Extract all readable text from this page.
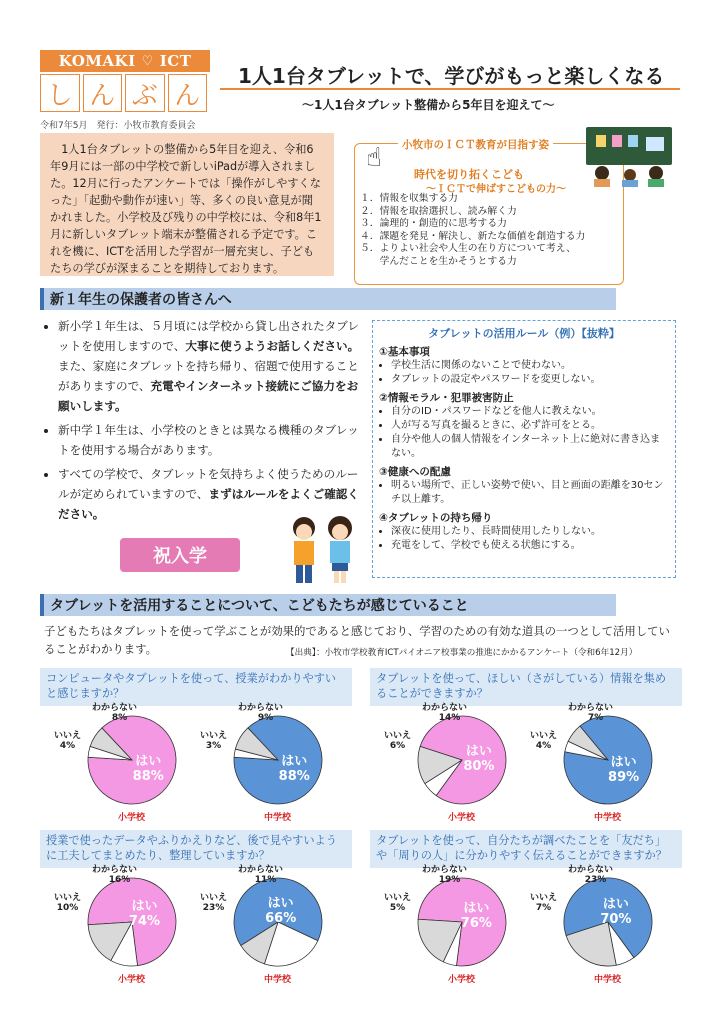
KOMAKI ♡ ICT
し ん ぶ ん
1人1台タブレットで、学びがもっと楽しくなる
〜1人1台タブレット整備から5年目を迎えて〜
令和7年5月　発行：小牧市教育委員会
　1人1台タブレットの整備から5年目を迎え、令和6年9月には一部の中学校で新しいiPadが導入されました。12月に行ったアンケートでは「操作がしやすくなった」「起動や動作が速い」等、多くの良い意見が聞かれました。小学校及び残りの中学校には、令和8年1月に新しいタブレット端末が整備される予定です。これを機に、ICTを活用した学習が一層充実し、子どもたちの学びが深まることを期待しております。
小牧市のＩＣＴ教育が目指す姿
☝
時代を切り拓くこども
〜ＩＣＴで伸ばすこどもの力〜
１．情報を収集する力
２．情報を取捨選択し、読み解く力
３．論理的・創造的に思考する力
４．課題を発見・解決し、新たな価値を創造する力
５．よりよい社会や人生の在り方について考え、
　　学んだことを生かそうとする力
新１年生の保護者の皆さんへ
• 新小学１年生は、５月頃には学校から貸し出されたタブレットを使用しますので、大事に使うようお話しください。また、家庭にタブレットを持ち帰り、宿題で使用することがありますので、充電やインターネット接続にご協力をお願いします。
• 新中学１年生は、小学校のときとは異なる機種のタブレットを使用する場合があります。
• すべての学校で、タブレットを気持ちよく使うためのルールが定められていますので、まずはルールをよくご確認ください。
祝入学
タブレットの活用ルール（例）【抜粋】
①基本事項
• 学校生活に関係のないことで使わない。
• タブレットの設定やパスワードを変更しない。
②情報モラル・犯罪被害防止
• 自分のID・パスワードなどを他人に教えない。
• 人が写る写真を撮るときに、必ず許可をとる。
• 自分や他人の個人情報をインターネット上に絶対に書き込まない。
③健康への配慮
• 明るい場所で、正しい姿勢で使い、目と画面の距離を30センチ以上離す。
④タブレットの持ち帰り
• 深夜に使用したり、長時間使用したりしない。
• 充電をして、学校でも使える状態にする。
タブレットを活用することについて、こどもたちが感じていること
子どもたちはタブレットを使って学ぶことが効果的であると感じており、学習のための有効な道具の一つとして活用していることがわかります。	【出典】：小牧市学校教育ICTパイオニア校事業の推進にかかるアンケート（令和6年12月）
コンピュータやタブレットを使って、授業がわかりやすいと感じますか？
はい
88%
いいえ
4%
わからない
8%
小学校
はい
88%
いいえ
3%
わからない
9%
中学校
タブレットを使って、ほしい（さがしている）情報を集めることができますか？
はい
80%
いいえ
6%
わからない
14%
小学校
はい
89%
いいえ
4%
わからない
7%
中学校
授業で使ったデータやふりかえりなど、後で見やすいように工夫してまとめたり、整理していますか？
はい
74%
いいえ
10%
わからない
16%
小学校
はい
66%
いいえ
23%
わからない
11%
中学校
タブレットを使って、自分たちが調べたことを「友だち」や「周りの人」に分かりやすく伝えることができますか？
はい
76%
いいえ
5%
わからない
19%
小学校
はい
70%
いいえ
7%
わからない
23%
中学校
